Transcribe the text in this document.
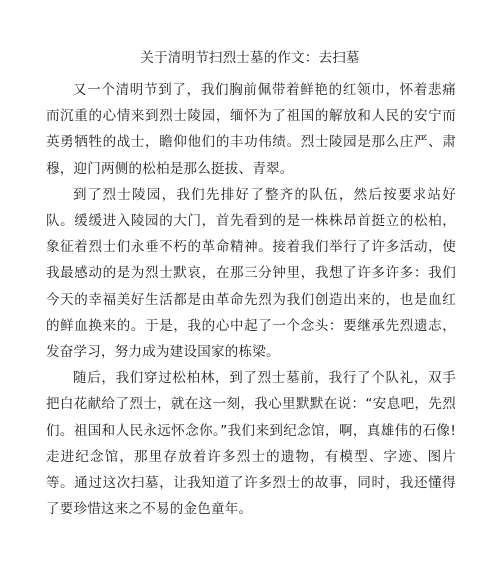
关于清明节扫烈士墓的作文：去扫墓

又一个清明节到了，我们胸前佩带着鲜艳的红领巾，怀着悲痛而沉重的心情来到烈士陵园，缅怀为了祖国的解放和人民的安宁而英勇牺牲的战士，瞻仰他们的丰功伟绩。烈士陵园是那么庄严、肃穆，迎门两侧的松柏是那么挺拔、青翠。

到了烈士陵园，我们先排好了整齐的队伍，然后按要求站好队。缓缓进入陵园的大门，首先看到的是一株株昂首挺立的松柏，象征着烈士们永垂不朽的革命精神。接着我们举行了许多活动，使我最感动的是为烈士默哀，在那三分钟里，我想了许多许多：我们今天的幸福美好生活都是由革命先烈为我们创造出来的，也是血红的鲜血换来的。于是，我的心中起了一个念头：要继承先烈遗志，发奋学习，努力成为建设国家的栋梁。

随后，我们穿过松柏林，到了烈士墓前，我行了个队礼，双手把白花献给了烈士，就在这一刻，我心里默默在说：“安息吧，先烈们。祖国和人民永远怀念你。”我们来到纪念馆，啊，真雄伟的石像!走进纪念馆，那里存放着许多烈士的遗物，有模型、字迹、图片等。通过这次扫墓，让我知道了许多烈士的故事，同时，我还懂得了要珍惜这来之不易的金色童年。
